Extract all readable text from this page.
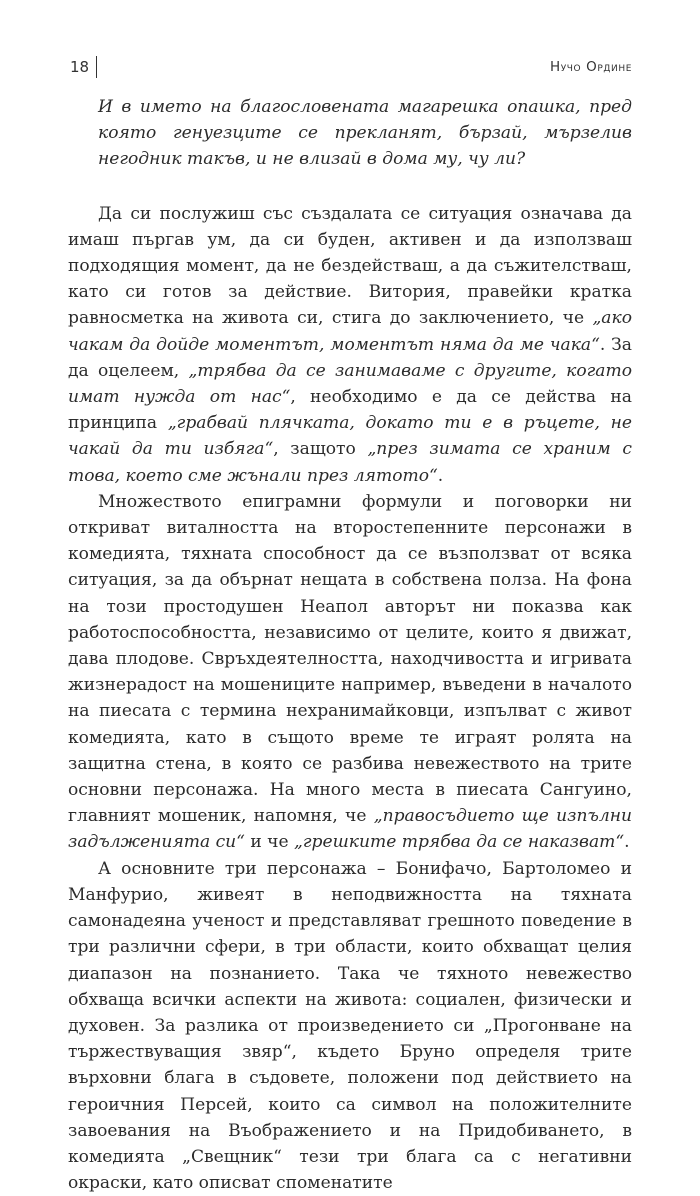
18	Нучо Ордине

И в името на благословената магарешка опашка, пред която генуезците се прекланят, бързай, мързелив негодник такъв, и не влизай в дома му, чу ли?

Да си послужиш със създалата се ситуация означава да имаш пъргав ум, да си буден, активен и да използваш подходящия момент, да не бездействаш, а да съжителстваш, като си готов за действие. Витория, правейки кратка равносметка на живота си, стига до заключението, че „ако чакам да дойде моментът, моментът няма да ме чака“. За да оцелеем, „трябва да се занимаваме с другите, когато имат нужда от нас“, необходимо е да се действа на принципа „грабвай плячката, докато ти е в ръцете, не чакай да ти избяга“, защото „през зимата се храним с това, което сме жънали през лятото“.

Множеството епиграмни формули и поговорки ни откриват виталността на второстепенните персонажи в комедията, тяхната способност да се възползват от всяка ситуация, за да обърнат нещата в собствена полза. На фона на този простодушен Неапол авторът ни показва как работоспособността, независимо от целите, които я движат, дава плодове. Свръхдеятелността, находчивостта и игривата жизнерадост на мошениците например, въведени в началото на пиесата с термина нехранимайковци, изпълват с живот комедията, като в същото време те играят ролята на защитна стена, в която се разбива невежеството на трите основни персонажа. На много места в пиесата Сангуино, главният мошеник, напомня, че „правосъдието ще изпълни задълженията си“ и че „грешките трябва да се наказват“.

А основните три персонажа – Бонифачо, Бартоломео и Манфурио, живеят в неподвижността на тяхната самонадеяна ученост и представляват грешното поведение в три различни сфери, в три области, които обхващат целия диапазон на познанието. Така че тяхното невежество обхваща всички аспекти на живота: социален, физически и духовен. За разлика от произведението си „Прогонване на тържествуващия звяр“, където Бруно определя трите върховни блага в съдовете, положени под действието на героичния Персей, които са символ на положителните завоевания на Въображението и на Придобиването, в комедията „Свещник“ тези три блага са с негативни окраски, като описват споменатите
